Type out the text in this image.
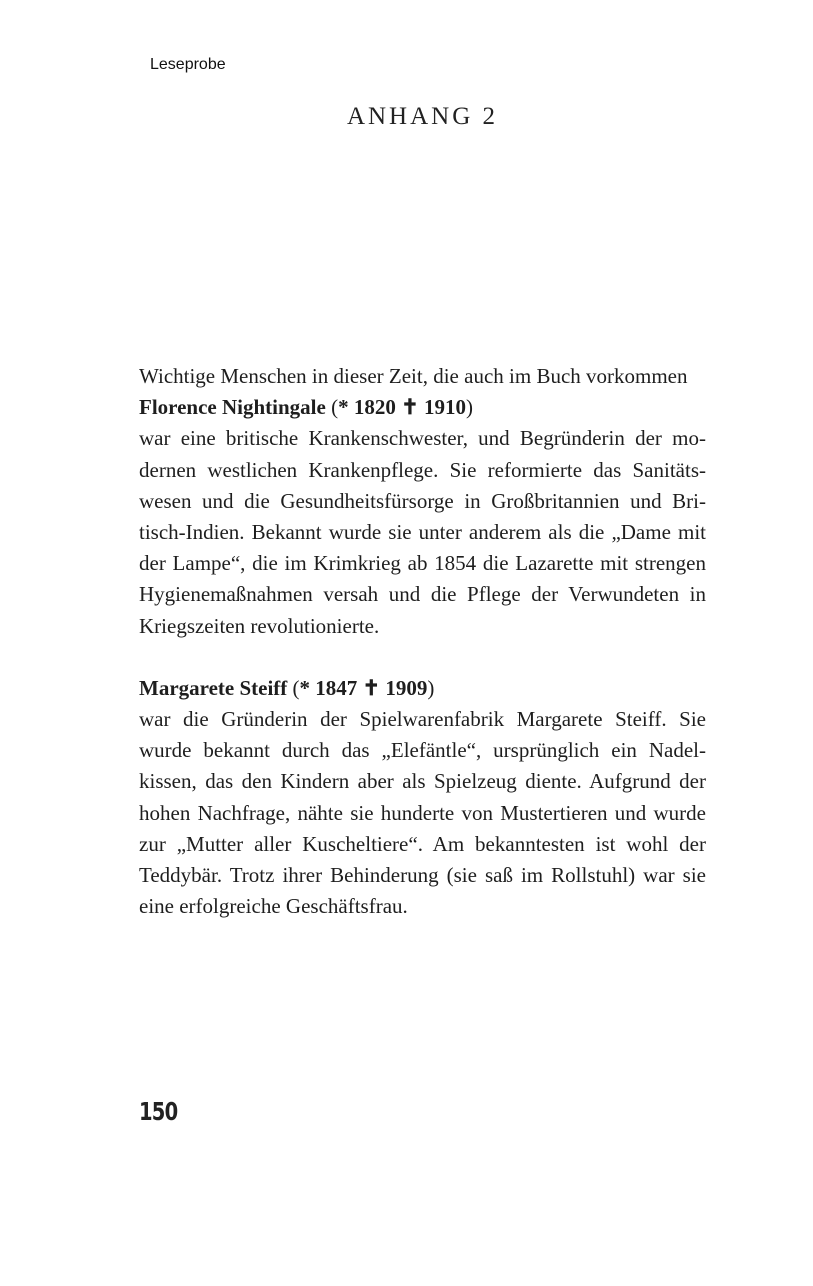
Leseprobe
ANHANG 2

Wichtige Menschen in dieser Zeit, die auch im Buch vorkommen

Florence Nightingale (* 1820 ✝ 1910)

war eine britische Krankenschwester, und Begründerin der modernen westlichen Krankenpflege. Sie reformierte das Sanitätswesen und die Gesundheitsfürsorge in Großbritannien und Britisch-Indien. Bekannt wurde sie unter anderem als die „Dame mit der Lampe“, die im Krimkrieg ab 1854 die Lazarette mit strengen Hygienemaßnahmen versah und die Pflege der Verwundeten in Kriegszeiten revolutionierte.

Margarete Steiff (* 1847 ✝ 1909)

war die Gründerin der Spielwarenfabrik Margarete Steiff. Sie wurde bekannt durch das „Elefäntle“, ursprünglich ein Nadelkissen, das den Kindern aber als Spielzeug diente. Aufgrund der hohen Nachfrage, nähte sie hunderte von Mustertieren und wurde zur „Mutter aller Kuscheltiere“. Am bekanntesten ist wohl der Teddybär. Trotz ihrer Behinderung (sie saß im Rollstuhl) war sie eine erfolgreiche Geschäftsfrau.

150
